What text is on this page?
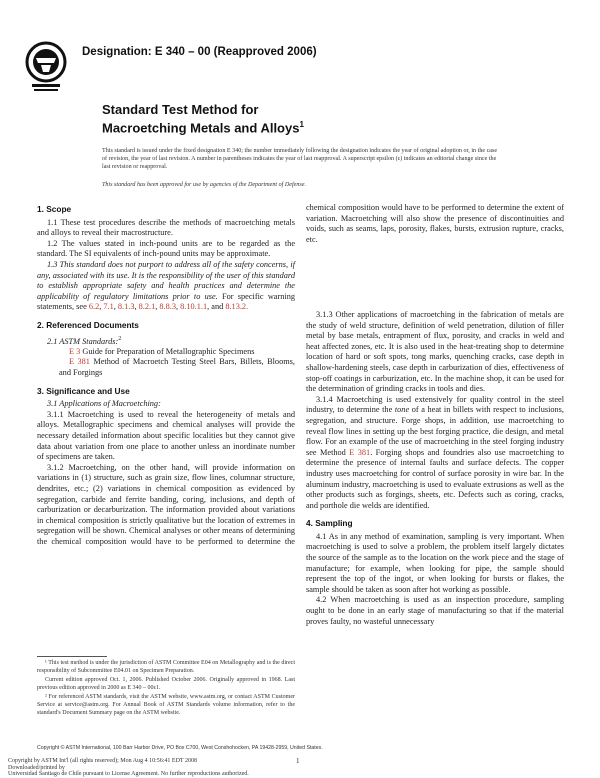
Designation: E 340 – 00 (Reapproved 2006)
Standard Test Method for
Macroetching Metals and Alloys$^1$
This standard is issued under the fixed designation E 340; the number immediately following the designation indicates the year of original adoption or, in the case of revision, the year of last revision. A number in parentheses indicates the year of last reapproval. A superscript epsilon (ε) indicates an editorial change since the last revision or reapproval.
This standard has been approved for use by agencies of the Department of Defense.
1. Scope

1.1 These test procedures describe the methods of macroetching metals and alloys to reveal their macrostructure.

1.2 The values stated in inch-pound units are to be regarded as the standard. The SI equivalents of inch-pound units may be approximate.

1.3 This standard does not purport to address all of the safety concerns, if any, associated with its use. It is the responsibility of the user of this standard to establish appropriate safety and health practices and determine the applicability of regulatory limitations prior to use. For specific warning statements, see 6.2, 7.1, 8.1.3, 8.2.1, 8.8.3, 8.10.1.1, and 8.13.2.

2. Referenced Documents

2.1 ASTM Standards:$^2$

E 3 Guide for Preparation of Metallographic Specimens

E 381 Method of Macroetch Testing Steel Bars, Billets, Blooms, and Forgings

3. Significance and Use

3.1 Applications of Macroetching:

3.1.1 Macroetching is used to reveal the heterogeneity of metals and alloys. Metallographic specimens and chemical analyses will provide the necessary detailed information about specific localities but they cannot give data about variation from one place to another unless an inordinate number of specimens are taken.

3.1.2 Macroetching, on the other hand, will provide information on variations in (1) structure, such as grain size, flow lines, columnar structure, dendrites, etc.; (2) variations in chemical composition as evidenced by segregation, carbide and ferrite banding, coring, inclusions, and depth of carburization or decarburization. The information provided about variations in chemical composition is strictly qualitative but the location of extremes in segregation will be shown. Chemical analyses or other means of determining the chemical composition would have to be performed to determine the

chemical composition would have to be performed to determine the extent of variation. Macroetching will also show the presence of discontinuities and voids, such as seams, laps, porosity, flakes, bursts, extrusion rupture, cracks, etc.

3.1.3 Other applications of macroetching in the fabrication of metals are the study of weld structure, definition of weld penetration, dilution of filler metal by base metals, entrapment of flux, porosity, and cracks in weld and heat affected zones, etc. It is also used in the heat-treating shop to determine location of hard or soft spots, tong marks, quenching cracks, case depth in shallow-hardening steels, case depth in carburization of dies, effectiveness of stop-off coatings in carburization, etc. In the machine shop, it can be used for the determination of grinding cracks in tools and dies.

3.1.4 Macroetching is used extensively for quality control in the steel industry, to determine the tone of a heat in billets with respect to inclusions, segregation, and structure. Forge shops, in addition, use macroetching to reveal flow lines in setting up the best forging practice, die design, and metal flow. For an example of the use of macroetching in the steel forging industry see Method E 381. Forging shops and foundries also use macroetching to determine the presence of internal faults and surface defects. The copper industry uses macroetching for control of surface porosity in wire bar. In the aluminum industry, macroetching is used to evaluate extrusions as well as the other products such as forgings, sheets, etc. Defects such as coring, cracks, and porthole die welds are identified.

4. Sampling

4.1 As in any method of examination, sampling is very important. When macroetching is used to solve a problem, the problem itself largely dictates the source of the sample as to the location on the work piece and the stage of manufacture; for example, when looking for pipe, the sample should represent the top of the ingot, or when looking for bursts or flakes, the sample should be taken as soon after hot working as possible.

4.2 When macroetching is used as an inspection procedure, sampling ought to be done in an early stage of manufacturing so that if the material proves faulty, no wasteful unnecessary

¹ This test method is under the jurisdiction of ASTM Committee E04 on Metallography and is the direct responsibility of Subcommittee E04.01 on Specimen Preparation.

Current edition approved Oct. 1, 2006. Published October 2006. Originally approved in 1968. Last previous edition approved in 2000 as E 340 – 00ε1.

² For referenced ASTM standards, visit the ASTM website, www.astm.org, or contact ASTM Customer Service at service@astm.org. For Annual Book of ASTM Standards volume information, refer to the standard's Document Summary page on the ASTM website.

Copyright © ASTM International, 100 Barr Harbor Drive, PO Box C700, West Conshohocken, PA 19428-2959, United States.
1
Copyright by ASTM Int'l (all rights reserved); Mon Aug 4 10:56:41 EDT 2008
Downloaded/printed by
Universidad Santiago de Chile pursuant to License Agreement. No further reproductions authorized.
